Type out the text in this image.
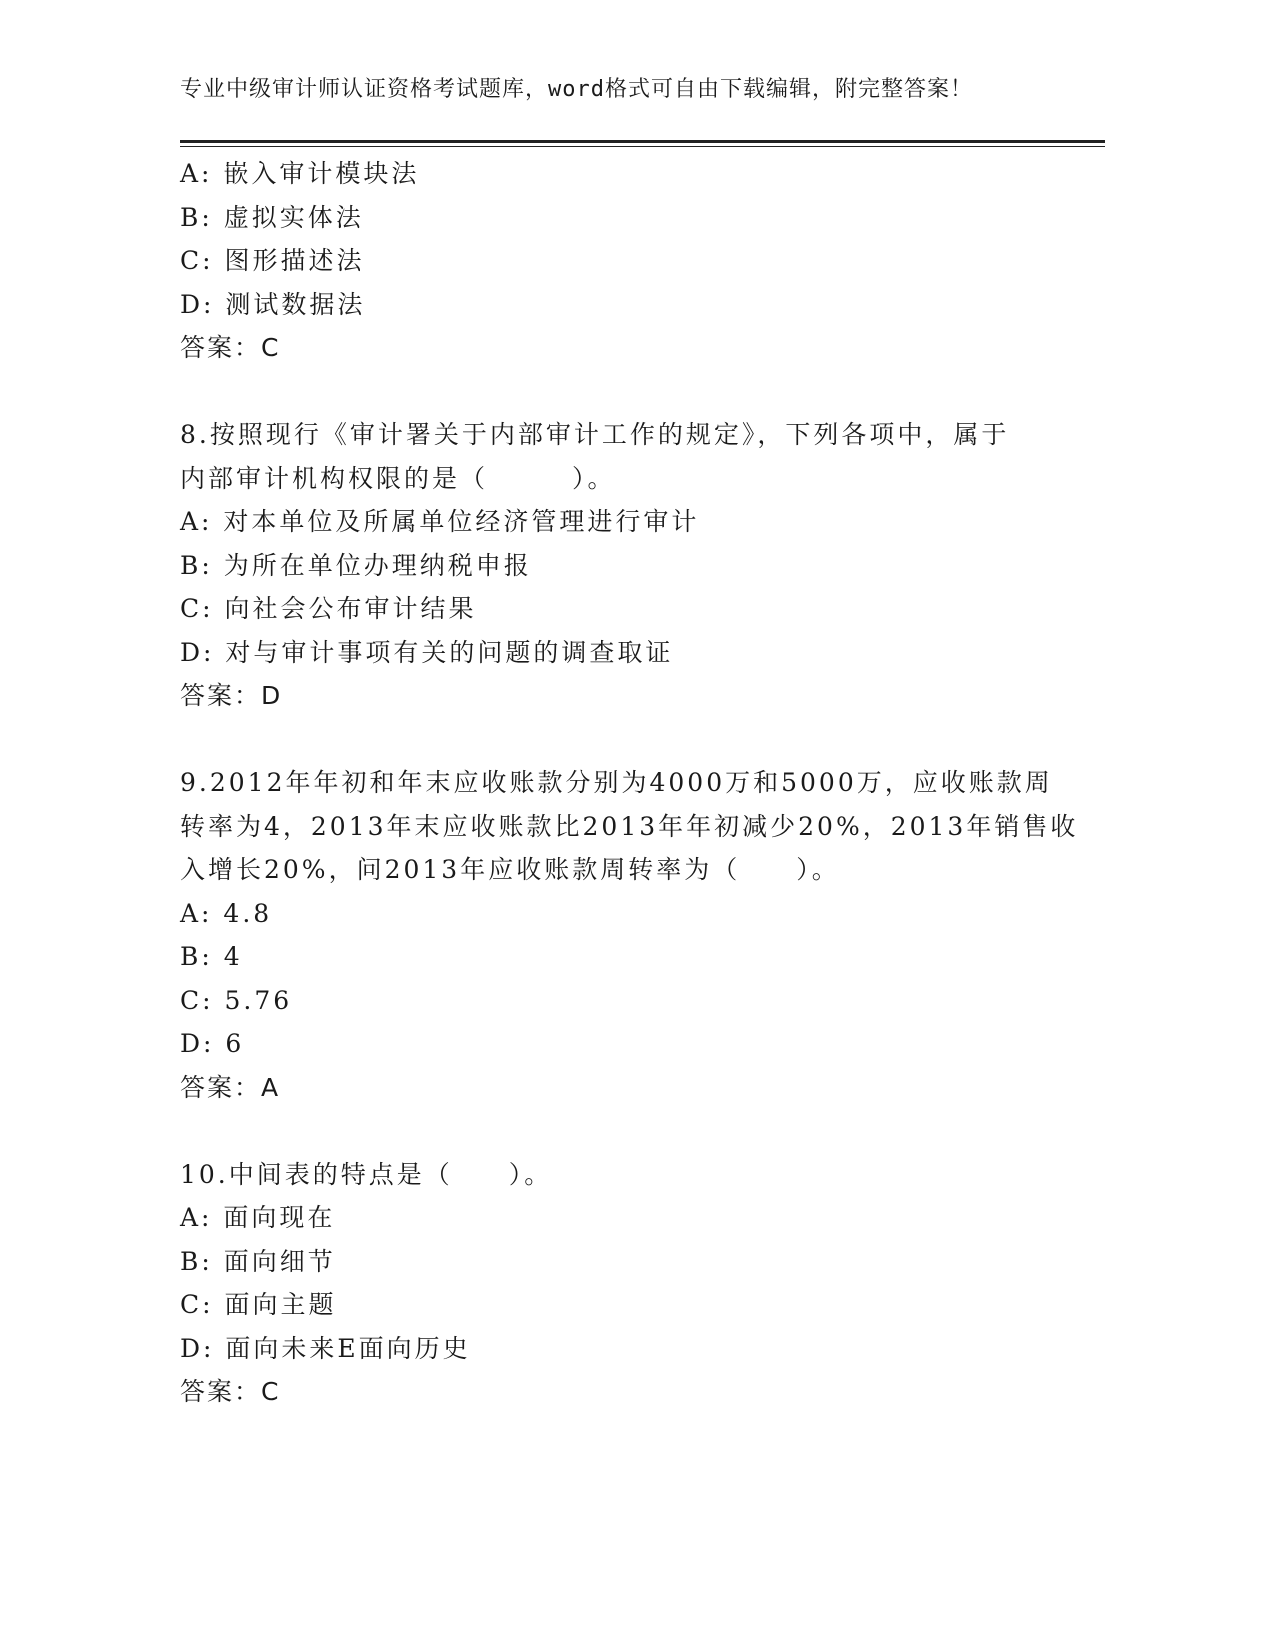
专业中级审计师认证资格考试题库，word格式可自由下载编辑，附完整答案！
A: 嵌入审计模块法
B: 虚拟实体法
C: 图形描述法
D: 测试数据法
答案：C
8.按照现行《审计署关于内部审计工作的规定》，下列各项中，属于
内部审计机构权限的是（　　　）。
A: 对本单位及所属单位经济管理进行审计
B: 为所在单位办理纳税申报
C: 向社会公布审计结果
D: 对与审计事项有关的问题的调查取证
答案：D
9.2012年年初和年末应收账款分别为4000万和5000万，应收账款周
转率为4，2013年末应收账款比2013年年初减少20%，2013年销售收
入增长20%，问2013年应收账款周转率为（　　）。
A: 4.8
B: 4
C: 5.76
D: 6
答案：A
10.中间表的特点是（　　）。
A: 面向现在
B: 面向细节
C: 面向主题
D: 面向未来E面向历史
答案：C
